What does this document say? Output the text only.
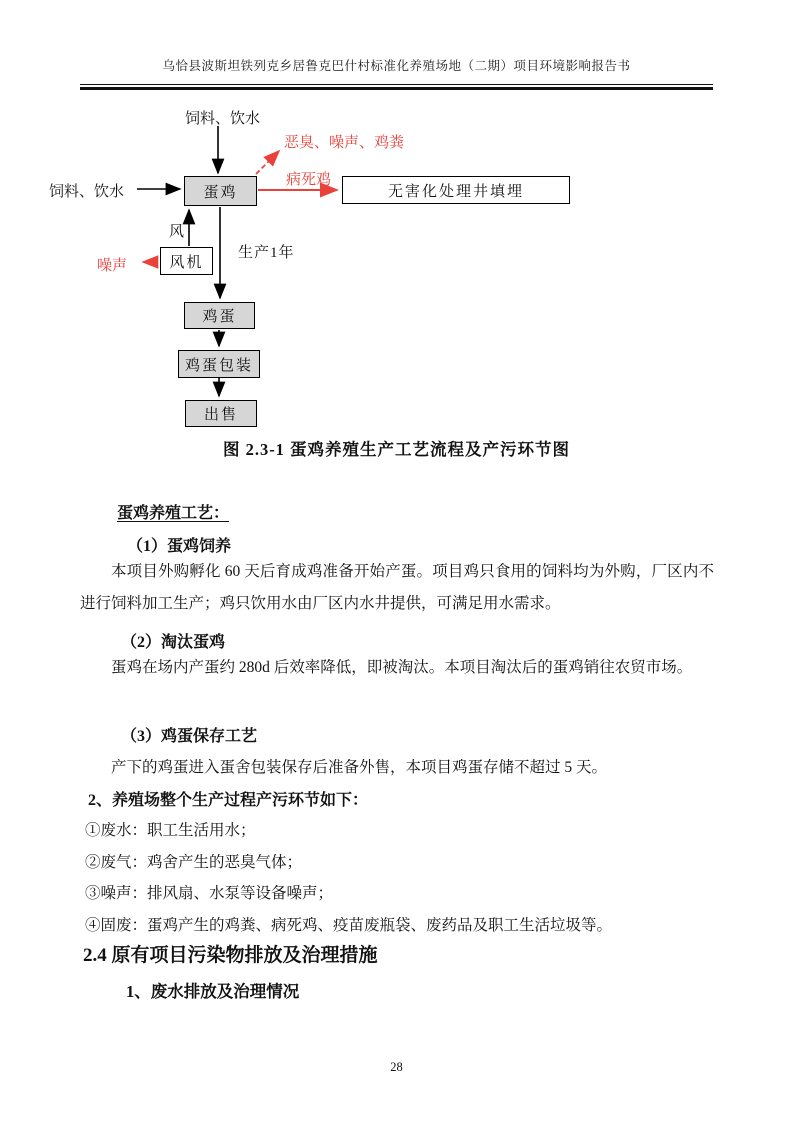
乌恰县波斯坦铁列克乡居鲁克巴什村标准化养殖场地（二期）项目环境影响报告书
饲料、饮水
饲料、饮水
恶臭、噪声、鸡粪
病死鸡
风
噪声
生产1年
蛋鸡	无害化处理井填埋
风机
鸡蛋
鸡蛋包装
出售
图 2.3-1 蛋鸡养殖生产工艺流程及产污环节图
蛋鸡养殖工艺：
（1）蛋鸡饲养
本项目外购孵化 60 天后育成鸡准备开始产蛋。项目鸡只食用的饲料均为外购，厂区内不进行饲料加工生产；鸡只饮用水由厂区内水井提供，可满足用水需求。
（2）淘汰蛋鸡
蛋鸡在场内产蛋约 280d 后效率降低，即被淘汰。本项目淘汰后的蛋鸡销往农贸市场。
（3）鸡蛋保存工艺
产下的鸡蛋进入蛋舍包装保存后准备外售，本项目鸡蛋存储不超过 5 天。
2、养殖场整个生产过程产污环节如下：
①废水：职工生活用水；
②废气：鸡舍产生的恶臭气体；
③噪声：排风扇、水泵等设备噪声；
④固废：蛋鸡产生的鸡粪、病死鸡、疫苗废瓶袋、废药品及职工生活垃圾等。
2.4 原有项目污染物排放及治理措施
1、废水排放及治理情况
28
